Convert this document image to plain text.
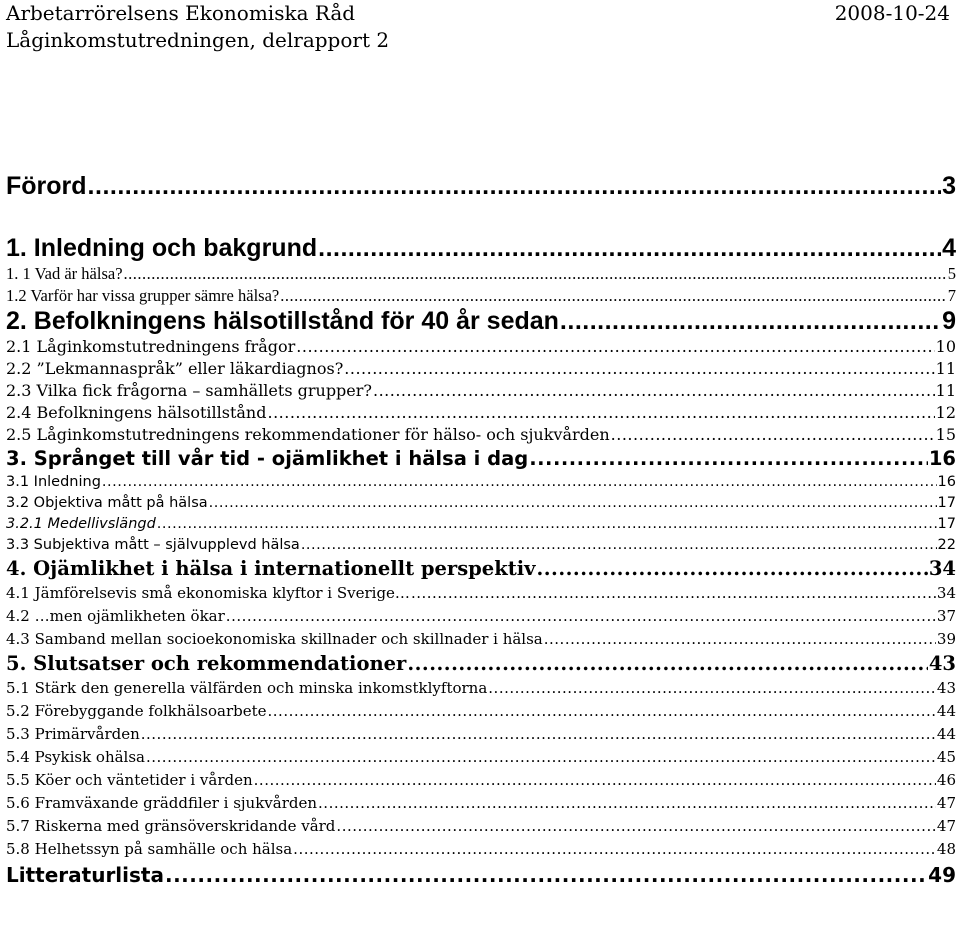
Arbetarrörelsens Ekonomiska Råd	2008-10-24
Låginkomstutredningen, delrapport 2
Förord .....	3
1. Inledning och bakgrund .....	4
1. 1 Vad är hälsa? .....	5
1.2 Varför har vissa grupper sämre hälsa? .....	7
2. Befolkningens hälsotillstånd för 40 år sedan .....	9
2.1 Låginkomstutredningens frågor .....	10
2.2 ”Lekmannaspråk” eller läkardiagnos? .....	11
2.3 Vilka fick frågorna – samhällets grupper? .....	11
2.4 Befolkningens hälsotillstånd .....	12
2.5 Låginkomstutredningens rekommendationer för hälso- och sjukvården .....	15
3. Språnget till vår tid - ojämlikhet i hälsa i dag .....	16
3.1 Inledning .....	16
3.2 Objektiva mått på hälsa .....	17
3.2.1 Medellivslängd .....	17
3.3 Subjektiva mått – självupplevd hälsa .....	22
4. Ojämlikhet i hälsa i internationellt perspektiv .....	34
4.1 Jämförelsevis små ekonomiska klyftor i Sverige… .....	34
4.2 …men ojämlikheten ökar .....	37
4.3 Samband mellan socioekonomiska skillnader och skillnader i hälsa .....	39
5. Slutsatser och rekommendationer .....	43
5.1 Stärk den generella välfärden och minska inkomstklyftorna .....	43
5.2 Förebyggande folkhälsoarbete .....	44
5.3 Primärvården .....	44
5.4 Psykisk ohälsa .....	45
5.5 Köer och väntetider i vården .....	46
5.6 Framväxande gräddfiler i sjukvården .....	47
5.7 Riskerna med gränsöverskridande vård .....	47
5.8 Helhetssyn på samhälle och hälsa .....	48
Litteraturlista .....	49
